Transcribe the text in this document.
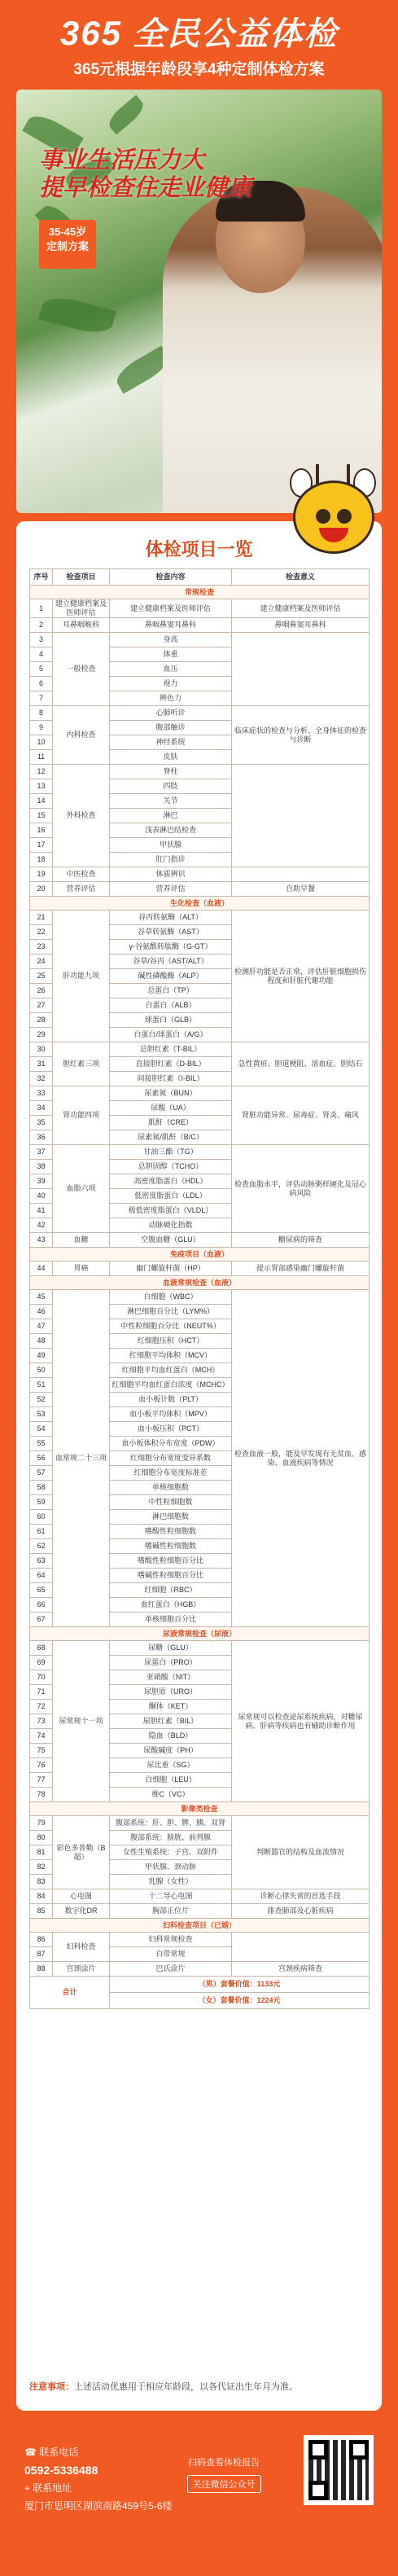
365 全民公益体检
365元根据年龄段享4种定制体检方案
事业生活压力大
提早检查住走业健康
35-45岁
定制方案
体检项目一览
序号	检查项目	检查内容	检查意义
常规检查			
1	建立健康档案及医师评估	建立健康档案及医师评估	建立健康档案及医师评估
2	耳鼻咽喉科	鼻咽鼻窦耳鼻科	鼻咽鼻窦耳鼻科
3	一般检查	身高	
4		体重	
5		血压	
6		视力	
7		辨色力	
8	内科检查	心肺听诊	临床症状的检查与分析、全身体征的检查与诊断
9		腹部触诊	
10		神经系统	
11		皮肤	
12	外科检查	脊柱	
13		四肢	
14		关节	
15		淋巴	
16		浅表淋巴结检查	
17		甲状腺	
18		肛门指诊	
19	中医检查	体质辨识	
20	营养评估	营养评估	自助早餐
生化检查（血液）			
21	肝功能九项	谷丙转氨酶（ALT）	检测肝功能是否正常，评估肝脏细胞损伤程度和肝脏代谢功能
22		谷草转氨酶（AST）	
23		γ-谷氨酰转肽酶（G-GT）	
24		谷草/谷丙（AST/ALT）	
25		碱性磷酸酶（ALP）	
26		总蛋白（TP）	
27		白蛋白（ALB）	
28		球蛋白（GLB）	
29		白蛋白/球蛋白（A/G）	
30	胆红素三项	总胆红素（T-BIL）	急性黄疸、胆道梗阻、溶血症、胆结石
31		直接胆红素（D-BIL）	
32		间接胆红素（I-BIL）	
33	肾功能四项	尿素氮（BUN）	肾脏功能异常、尿毒症、肾炎、痛风
34		尿酸（UA）	
35		肌酐（CRE）	
36		尿素氮/肌酐（B/C）	
37	血脂六项	甘油三酯（TG）	检查血脂水平，评估动脉粥样硬化及冠心病风险
38		总胆固醇（TCHO）	
39		高密度脂蛋白（HDL）	
40		低密度脂蛋白（LDL）	
41		极低密度脂蛋白（VLDL）	
42		动脉硬化指数	
43	血糖	空腹血糖（GLU）	糖尿病的筛查
免疫项目（血液）			
44	胃癌	幽门螺旋杆菌（HP）	提示胃部感染幽门螺旋杆菌
血液常规检查（血液）			
45	血常规二十三项	白细胞（WBC）	检查血液一般，能及早发现有无贫血、感染、血液疾病等情况
46		淋巴细胞百分比（LYM%）	
47		中性粒细胞百分比（NEUT%）	
48		红细胞压积（HCT）	
49		红细胞平均体积（MCV）	
50		红细胞平均血红蛋白（MCH）	
51		红细胞平均血红蛋白浓度（MCHC）	
52		血小板计数（PLT）	
53		血小板平均体积（MPV）	
54		血小板压积（PCT）	
55		血小板体积分布宽度（PDW）	
56		红细胞分布宽度变异系数	
57		红细胞分布宽度标准差	
58		单核细胞数	
59		中性粒细胞数	
60		淋巴细胞数	
61		嗜酸性粒细胞数	
62		嗜碱性粒细胞数	
63		嗜酸性粒细胞百分比	
64		嗜碱性粒细胞百分比	
65		红细胞（RBC）	
66		血红蛋白（HGB）	
67		单核细胞百分比	
尿液常规检查（尿液）			
68	尿常规十一项	尿糖（GLU）	尿常规可以检查泌尿系统疾病，对糖尿病、肝病等疾病也有辅助诊断作用
69		尿蛋白（PRO）	
70		亚硝酸（NIT）	
71		尿胆原（URO）	
72		酮体（KET）	
73		尿胆红素（BIL）	
74		隐血（BLD）	
75		尿酸碱度（PH）	
76		尿比重（SG）	
77		白细胞（LEU）	
78		维C（VC）	
影像类检查			
79	彩色多普勒（B超）	腹部系统：肝、胆、脾、胰、双肾	判断器官的结构及血流情况
80		腹部系统：膀胱、前列腺	
81		女性生殖系统：子宫、双附件	
82		甲状腺、颈动脉	
83		乳腺（女性）	
84	心电图	十二导心电图	诊断心律失常的首选手段
85	数字化DR	胸部正位片	排查肺部及心脏疾病
妇科检查项目（已婚）			
86	妇科检查	妇科常规检查	
87		白带常规	
88	宫颈涂片	巴氏涂片	宫颈疾病筛查
合计		（男）套餐价值：1133元	
		（女）套餐价值：1224元	
注意事项：上述活动优惠用于相应年龄段，以各代证出生年月为准。
☎ 联系电话
0592-5336488
⌖ 联系地址
厦门市思明区湖滨南路459号5-6楼
扫码查看体检报告
关注微信公众号
